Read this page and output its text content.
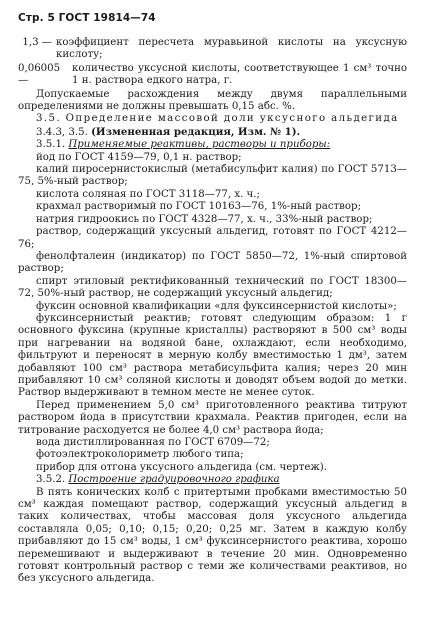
Стр. 5 ГОСТ 19814—74
1,3 — коэффициент пересчета муравьиной кислоты на уксусную кислоту;
0,06005 —
количество уксусной кислоты, соответствующее 1 см³ точно 1 н. раствора едкого натра, г.

Допускаемые расхождения между двумя параллельными определениями не должны превышать 0,15 абс. %.

3.5. Определение массовой доли уксусного альдегида

3.4.3, 3.5. (Измененная редакция, Изм. № 1).

3.5.1. Применяемые реактивы, растворы и приборы:

йод по ГОСТ 4159—79, 0,1 н. раствор;

калий пиросернистокислый (метабисульфит калия) по ГОСТ 5713—75, 5%-ный раствор;

кислота соляная по ГОСТ 3118—77, х. ч.;

крахмал растворимый по ГОСТ 10163—76, 1%-ный раствор;

натрия гидроокись по ГОСТ 4328—77, х. ч., 33%-ный раствор;

раствор, содержащий уксусный альдегид, готовят по ГОСТ 4212—76;

фенолфталеин (индикатор) по ГОСТ 5850—72, 1%-ный спиртовой раствор;

спирт этиловый ректификованный технический по ГОСТ 18300—72, 50%-ный раствор, не содержащий уксусный альдегид;

фуксин основной квалификации «для фуксинсернистой кислоты»;

фуксинсернистый реактив; готовят следующим образом: 1 г основного фуксина (крупные кристаллы) растворяют в 500 см³ воды при нагревании на водяной бане, охлаждают, если необходимо, фильтруют и переносят в мерную колбу вместимостью 1 дм³, затем добавляют 100 см³ раствора метабисульфита калия; через 20 мин прибавляют 10 см³ соляной кислоты и доводят объем водой до метки. Раствор выдерживают в темном месте не менее суток.

Перед применением 5,0 см³ приготовленного реактива титруют раствором йода в присутствии крахмала. Реактив пригоден, если на титрование расходуется не более 4,0 см³ раствора йода;

вода дистиллированная по ГОСТ 6709—72;

фотоэлектроколориметр любого типа;

прибор для отгона уксусного альдегида (см. чертеж).

3.5.2. Построение градуировочного графика

В пять конических колб с притертыми пробками вместимостью 50 см³ каждая помещают раствор, содержащий уксусный альдегид в таких количествах, чтобы массовая доля уксусного альдегида составляла 0,05; 0,10; 0,15; 0,20; 0,25 мг. Затем в каждую колбу прибавляют до 15 см³ воды, 1 см³ фуксинсернистого реактива, хорошо перемешивают и выдерживают в течение 20 мин. Одновременно готовят контрольный раствор с теми же количествами реактивов, но без уксусного альдегида.
